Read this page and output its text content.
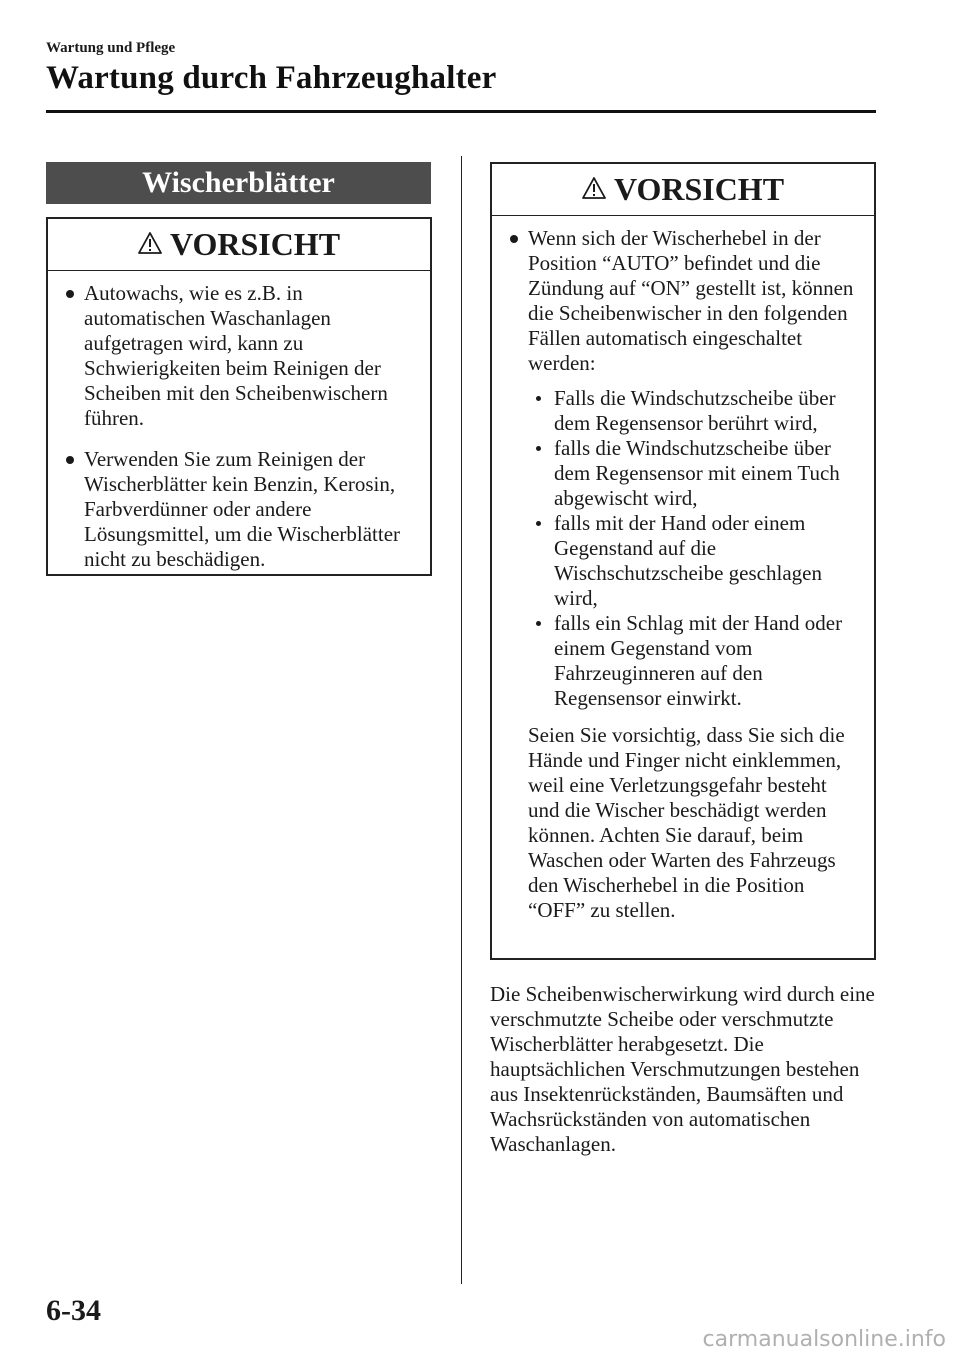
Wartung und Pflege
Wartung durch Fahrzeughalter
Wischerblätter
VORSICHT
Autowachs, wie es z.B. in automatischen Waschanlagen aufgetragen wird, kann zu Schwierigkeiten beim Reinigen der Scheiben mit den Scheibenwischern führen.
Verwenden Sie zum Reinigen der Wischerblätter kein Benzin, Kerosin, Farbverdünner oder andere Lösungsmittel, um die Wischerblätter nicht zu beschädigen.
VORSICHT
Wenn sich der Wischerhebel in der Position “AUTO” befindet und die Zündung auf “ON” gestellt ist, können die Scheibenwischer in den folgenden Fällen automatisch eingeschaltet werden:
Falls die Windschutzscheibe über dem Regensensor berührt wird,
falls die Windschutzscheibe über dem Regensensor mit einem Tuch abgewischt wird,
falls mit der Hand oder einem Gegenstand auf die Wischschutzscheibe geschlagen wird,
falls ein Schlag mit der Hand oder einem Gegenstand vom Fahrzeuginneren auf den Regensensor einwirkt.
Seien Sie vorsichtig, dass Sie sich die Hände und Finger nicht einklemmen, weil eine Verletzungsgefahr besteht und die Wischer beschädigt werden können. Achten Sie darauf, beim Waschen oder Warten des Fahrzeugs den Wischerhebel in die Position “OFF” zu stellen.
Die Scheibenwischerwirkung wird durch eine verschmutzte Scheibe oder verschmutzte Wischerblätter herabgesetzt. Die hauptsächlichen Verschmutzungen bestehen aus Insektenrückständen, Baumsäften und Wachsrückständen von automatischen Waschanlagen.
6-34
carmanualsonline.info
